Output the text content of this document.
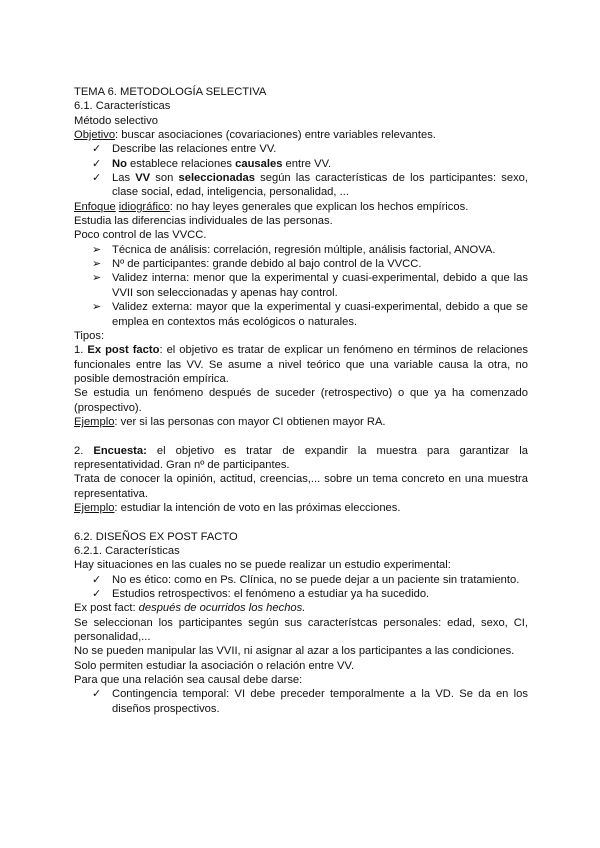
TEMA 6. METODOLOGÍA SELECTIVA

6.1. Características

Método selectivo

Objetivo: buscar asociaciones (covariaciones) entre variables relevantes.

✓ Describe las relaciones entre VV.
✓ No establece relaciones causales entre VV.
✓ Las VV son seleccionadas según las características de los participantes: sexo, clase social, edad, inteligencia, personalidad, ...

Enfoque idiográfico: no hay leyes generales que explican los hechos empíricos.

Estudia las diferencias individuales de las personas.

Poco control de las VVCC.

➢ Técnica de análisis: correlación, regresión múltiple, análisis factorial, ANOVA.
➢ Nº de participantes: grande debido al bajo control de la VVCC.
➢ Validez interna: menor que la experimental y cuasi-experimental, debido a que las VVII son seleccionadas y apenas hay control.
➢ Validez externa: mayor que la experimental y cuasi-experimental, debido a que se emplea en contextos más ecológicos o naturales.

Tipos:

1. Ex post facto: el objetivo es tratar de explicar un fenómeno en términos de relaciones funcionales entre las VV. Se asume a nivel teórico que una variable causa la otra, no posible demostración empírica.

Se estudia un fenómeno después de suceder (retrospectivo) o que ya ha comenzado (prospectivo).

Ejemplo: ver si las personas con mayor CI obtienen mayor RA.

2. Encuesta: el objetivo es tratar de expandir la muestra para garantizar la representatividad. Gran nº de participantes.

Trata de conocer la opinión, actitud, creencias,... sobre un tema concreto en una muestra representativa.

Ejemplo: estudiar la intención de voto en las próximas elecciones.

6.2. DISEÑOS EX POST FACTO

6.2.1. Características

Hay situaciones en las cuales no se puede realizar un estudio experimental:

✓ No es ético: como en Ps. Clínica, no se puede dejar a un paciente sin tratamiento.
✓ Estudios retrospectivos: el fenómeno a estudiar ya ha sucedido.

Ex post fact: después de ocurridos los hechos.

Se seleccionan los participantes según sus característcas personales: edad, sexo, CI, personalidad,...

No se pueden manipular las VVII, ni asignar al azar a los participantes a las condiciones.

Solo permiten estudiar la asociación o relación entre VV.

Para que una relación sea causal debe darse:

✓ Contingencia temporal: VI debe preceder temporalmente a la VD. Se da en los diseños prospectivos.
